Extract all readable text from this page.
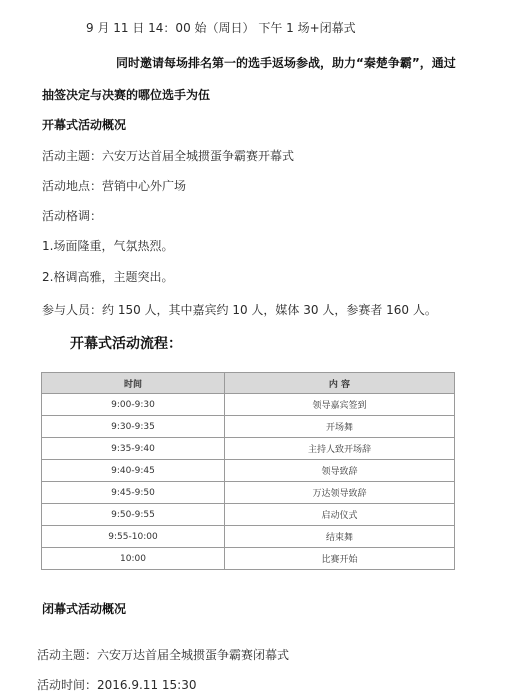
9 月 11 日 14：00 始（周日） 下午 1 场+闭幕式
同时邀请每场排名第一的选手返场参战，助力“秦楚争霸”，通过
抽签决定与决赛的哪位选手为伍
开幕式活动概况
活动主题：六安万达首届全城掼蛋争霸赛开幕式
活动地点：营销中心外广场
活动格调：
1.场面隆重，气氛热烈。
2.格调高雅，主题突出。
参与人员：约 150 人，其中嘉宾约 10 人，媒体 30 人，参赛者 160 人。
开幕式活动流程：
时间	内 容
9:00-9:30	领导嘉宾签到
9:30-9:35	开场舞
9:35-9:40	主持人致开场辞
9:40-9:45	领导致辞
9:45-9:50	万达领导致辞
9:50-9:55	启动仪式
9:55-10:00	结束舞
10:00	比赛开始
闭幕式活动概况
活动主题：六安万达首届全城掼蛋争霸赛闭幕式
活动时间：2016.9.11 15:30
